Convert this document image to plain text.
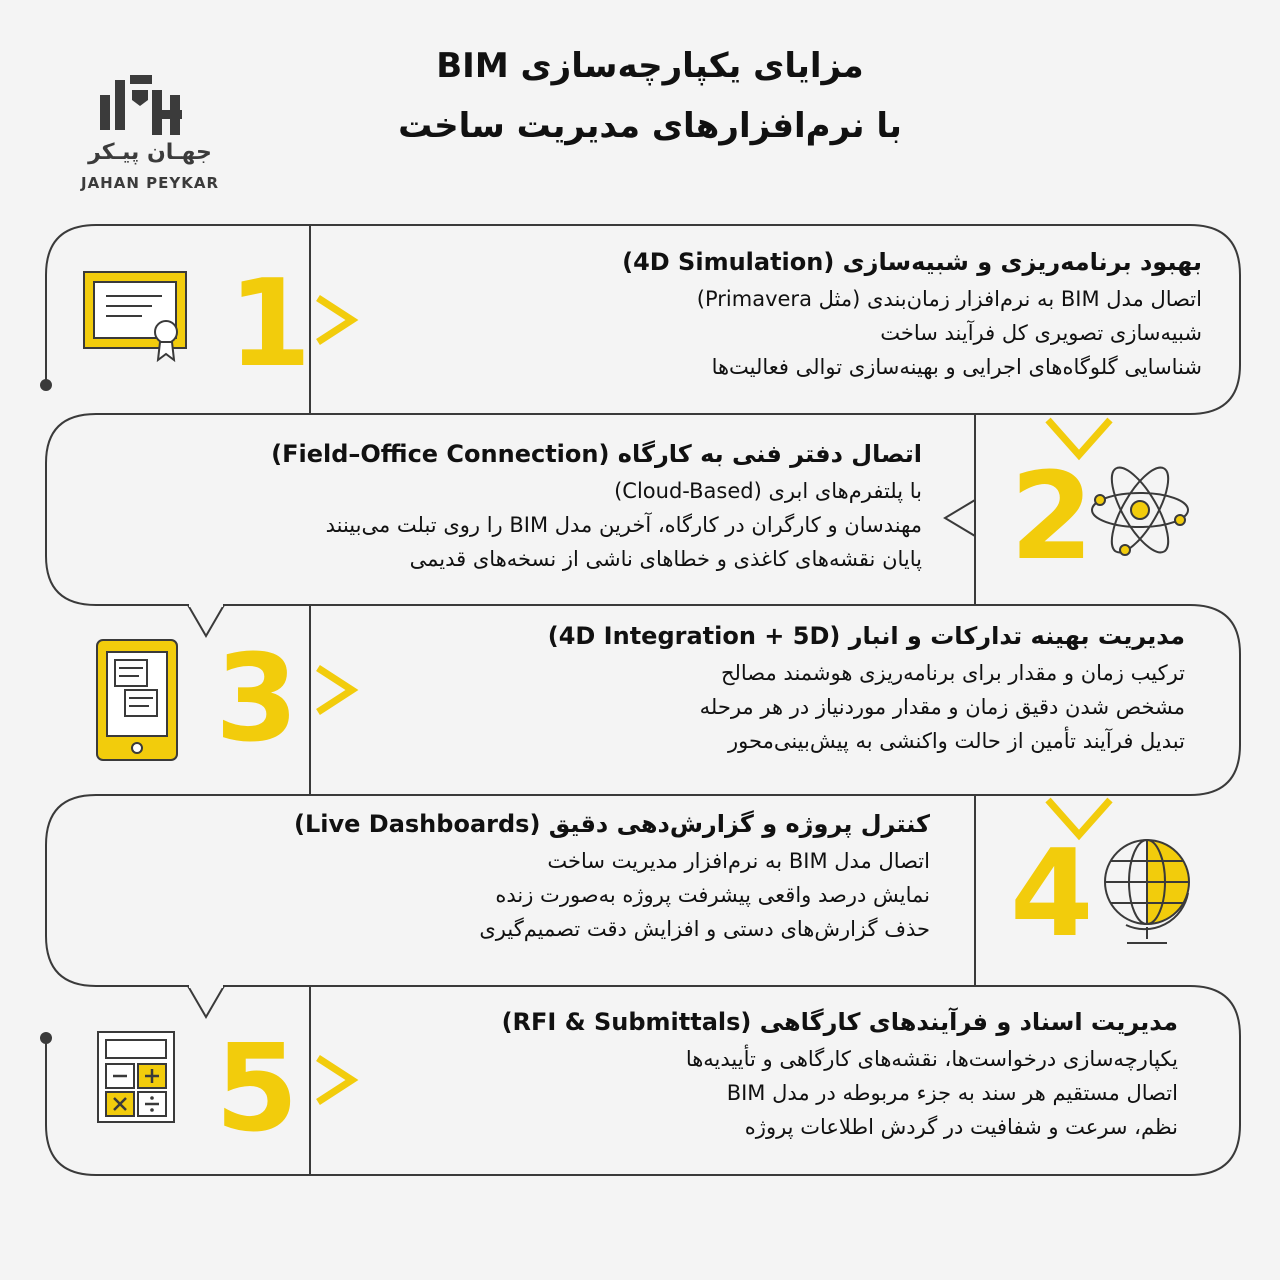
جهـان پیـکر
JAHAN PEYKAR
مزایای یکپارچه‌سازی BIM
با نرم‌افزارهای مدیریت ساخت
1
2
3
4
5
بهبود برنامه‌ریزی و شبیه‌سازی (4D Simulation)
اتصال مدل BIM به نرم‌افزار زمان‌بندی (مثل Primavera)
شبیه‌سازی تصویری کل فرآیند ساخت
شناسایی گلوگاه‌های اجرایی و بهینه‌سازی توالی فعالیت‌ها
اتصال دفتر فنی به کارگاه (Field–Office Connection)
با پلتفرم‌های ابری (Cloud-Based)
مهندسان و کارگران در کارگاه، آخرین مدل BIM را روی تبلت می‌بینند
پایان نقشه‌های کاغذی و خطاهای ناشی از نسخه‌های قدیمی
مدیریت بهینه تدارکات و انبار (4D Integration + 5D)
ترکیب زمان و مقدار برای برنامه‌ریزی هوشمند مصالح
مشخص شدن دقیق زمان و مقدار موردنیاز در هر مرحله
تبدیل فرآیند تأمین از حالت واکنشی به پیش‌بینی‌محور
کنترل پروژه و گزارش‌دهی دقیق (Live Dashboards)
اتصال مدل BIM به نرم‌افزار مدیریت ساخت
نمایش درصد واقعی پیشرفت پروژه به‌صورت زنده
حذف گزارش‌های دستی و افزایش دقت تصمیم‌گیری
مدیریت اسناد و فرآیندهای کارگاهی (RFI & Submittals)
یکپارچه‌سازی درخواست‌ها، نقشه‌های کارگاهی و تأییدیه‌ها
اتصال مستقیم هر سند به جزء مربوطه در مدل BIM
نظم، سرعت و شفافیت در گردش اطلاعات پروژه
